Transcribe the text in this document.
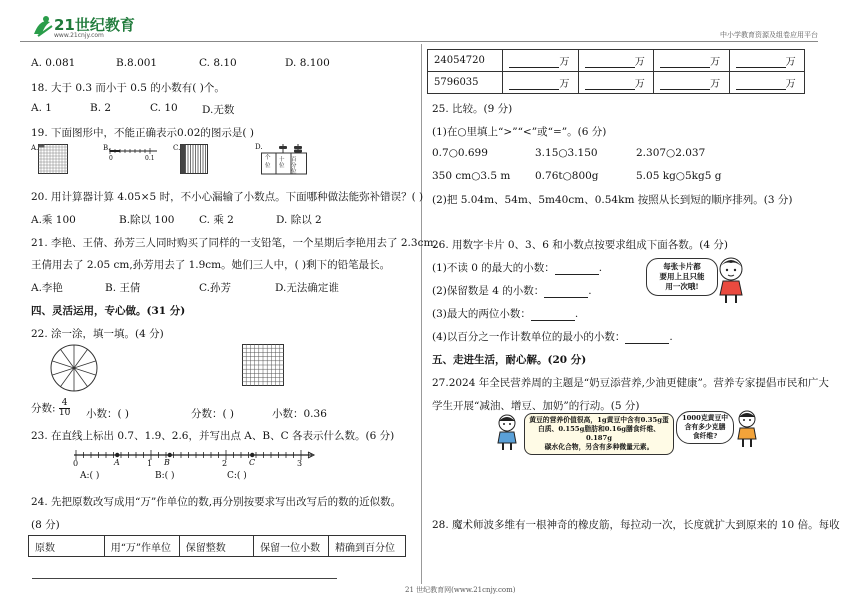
21世纪教育
www.21cnjy.com	中小学教育资源及组卷应用平台
A. 0.081	B.8.001	C. 8.10	D. 8.100
18. 大于 0.3 而小于 0.5 的小数有( )个。
A. 1	B. 2	C. 10 D.无数
19. 下面图形中，不能正确表示0.02的图示是( )
A.	B.
0	0.1
C.	D.
个
位
十
位
百
分
位
20. 用计算器计算 4.05×5 时，不小心漏输了小数点。下面哪种做法能弥补错误？( )
A.乘 100	B.除以 100 C. 乘 2	D. 除以 2
21. 李艳、王倩、孙芳三人同时购买了同样的一支铅笔，一个星期后李艳用去了 2.3cm,
王倩用去了 2.05 cm,孙芳用去了 1.9cm。她们三人中，( )剩下的铅笔最长。
A.李艳	B. 王倩	C.孙芳	D.无法确定谁
四、灵活运用，专心做。(31 分)
22. 涂一涂，填一填。(4 分)
分数: $\frac{4}{10}$ 小数：( )	分数：( )	小数：0.36
23. 在直线上标出 0.7、1.9、2.6，并写出点 A、B、C 各表示什么数。(6 分)
0	1	2	3
A	B	C
A:( )	B:( )	C:( )
24. 先把原数改写成用“万”作单位的数,再分别按要求写出改写后的数的近似数。
(8 分)
原数	用“万”作单位	保留整数	保留一位小数	精确到百分位
24054720	万	万	万	万
5796035	万	万	万	万
25. 比较。(9 分)
(1)在○里填上“>”“<”或“=”。(6 分)
0.7○0.699	3.15○3.150	2.307○2.037
350 cm○3.5 m 0.76t○800g	5.05 kg○5kg5 g
(2)把 5.04m、54m、5m40cm、0.54km 按照从长到短的顺序排列。(3 分)
26. 用数字卡片 0、3、6 和小数点按要求组成下面各数。(4 分)
(1)不读 0 的最大的小数：	.
(2)保留数是 4 的小数：	.
(3)最大的两位小数：	.
(4)以百分之一作计数单位的最小的小数：	.
每张卡片都
要用上且只能
用一次哦!
五、走进生活，耐心解。(20 分)
27.2024 年全民营养周的主题是“奶豆添营养,少油更健康”。营养专家提倡市民和广大
学生开展“减油、增豆、加奶”的行动。(5 分)
黄豆的营养价值很高，1g黄豆中含有0.35g蛋
白质、0.155g脂肪和0.16g膳食纤维、0.187g
碳水化合物，另含有多种微量元素。
1000克黄豆中
含有多少克膳
食纤维?
28. 魔术师波多维有一根神奇的橡皮筋，每拉动一次，长度就扩大到原来的 10 倍。每收
21 世纪教育网(www.21cnjy.com)
